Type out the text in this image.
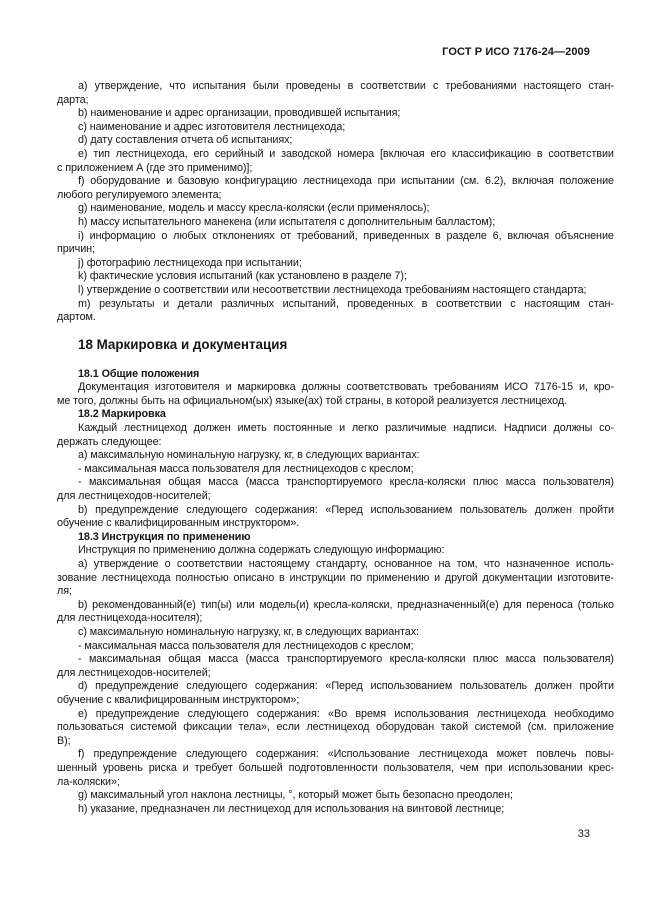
ГОСТ Р ИСО 7176-24—2009
a) утверждение, что испытания были проведены в соответствии с требованиями настоящего стан-
дарта;
b) наименование и адрес организации, проводившей испытания;
c) наименование и адрес изготовителя лестницехода;
d) дату составления отчета об испытаниях;
e) тип лестницехода, его серийный и заводской номера [включая его классификацию в соответствии
с приложением А (где это применимо)];
f) оборудование и базовую конфигурацию лестницехода при испытании (см. 6.2), включая положение
любого регулируемого элемента;
g) наименование, модель и массу кресла-коляски (если применялось);
h) массу испытательного манекена (или испытателя с дополнительным балластом);
i) информацию о любых отклонениях от требований, приведенных в разделе 6, включая объяснение
причин;
j) фотографию лестницехода при испытании;
k) фактические условия испытаний (как установлено в разделе 7);
l) утверждение о соответствии или несоответствии лестницехода требованиям настоящего стандарта;
m) результаты и детали различных испытаний, проведенных в соответствии с настоящим стан-
дартом.
18 Маркировка и документация
18.1 Общие положения
Документация изготовителя и маркировка должны соответствовать требованиям ИСО 7176-15 и, кро-
ме того, должны быть на официальном(ых) языке(ах) той страны, в которой реализуется лестницеход.
18.2 Маркировка
Каждый лестницеход должен иметь постоянные и легко различимые надписи. Надписи должны со-
держать следующее:
а) максимальную номинальную нагрузку, кг, в следующих вариантах:
- максимальная масса пользователя для лестницеходов с креслом;
- максимальная общая масса (масса транспортируемого кресла-коляски плюс масса пользователя)
для лестницеходов-носителей;
b) предупреждение следующего содержания: «Перед использованием пользователь должен пройти
обучение с квалифицированным инструктором».
18.3 Инструкция по применению
Инструкция по применению должна содержать следующую информацию:
а) утверждение о соответствии настоящему стандарту, основанное на том, что назначенное исполь-
зование лестницехода полностью описано в инструкции по применению и другой документации изготовите-
ля;
b) рекомендованный(е) тип(ы) или модель(и) кресла-коляски, предназначенный(е) для переноса (только
для лестницехода-носителя);
c) максимальную номинальную нагрузку, кг, в следующих вариантах:
- максимальная масса пользователя для лестницеходов с креслом;
- максимальная общая масса (масса транспортируемого кресла-коляски плюс масса пользователя)
для лестницеходов-носителей;
d) предупреждение следующего содержания: «Перед использованием пользователь должен пройти
обучение с квалифицированным инструктором»;
e) предупреждение следующего содержания: «Во время использования лестницехода необходимо
пользоваться системой фиксации тела», если лестницеход оборудован такой системой (см. приложение
В);
f) предупреждение следующего содержания: «Использование лестницехода может повлечь повы-
шенный уровень риска и требует большей подготовленности пользователя, чем при использовании крес-
ла-коляски»;
g) максимальный угол наклона лестницы, °, который может быть безопасно преодолен;
h) указание, предназначен ли лестницеход для использования на винтовой лестнице;
33
